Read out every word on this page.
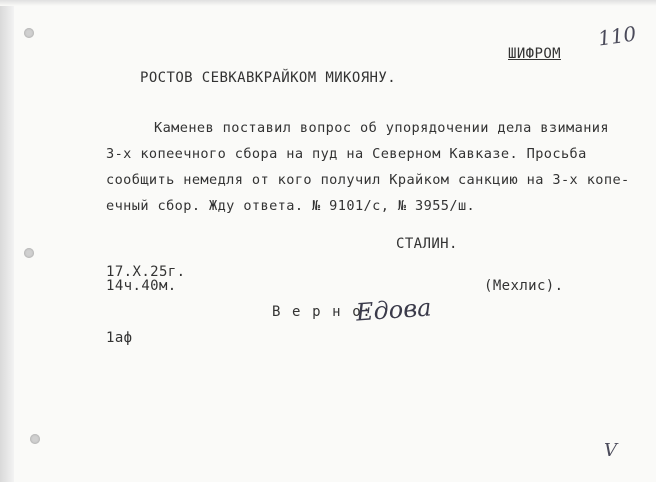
110
ШИФРОМ
РОСТОВ СЕВКАВКРАЙКОМ МИКОЯНУ.
Каменев поставил вопрос об упорядочении дела взимания
3-х копеечного сбора на пуд на Северном Кавказе. Просьба
сообщить немедля от кого получил Крайком санкцию на 3-х копе-
ечный сбор. Жду ответа. № 9101/с, № 3955/ш.
СТАЛИН.
17.X.25г.
14ч.40м.	(Мехлис).
В е р н о:
Едова
1аф
V
